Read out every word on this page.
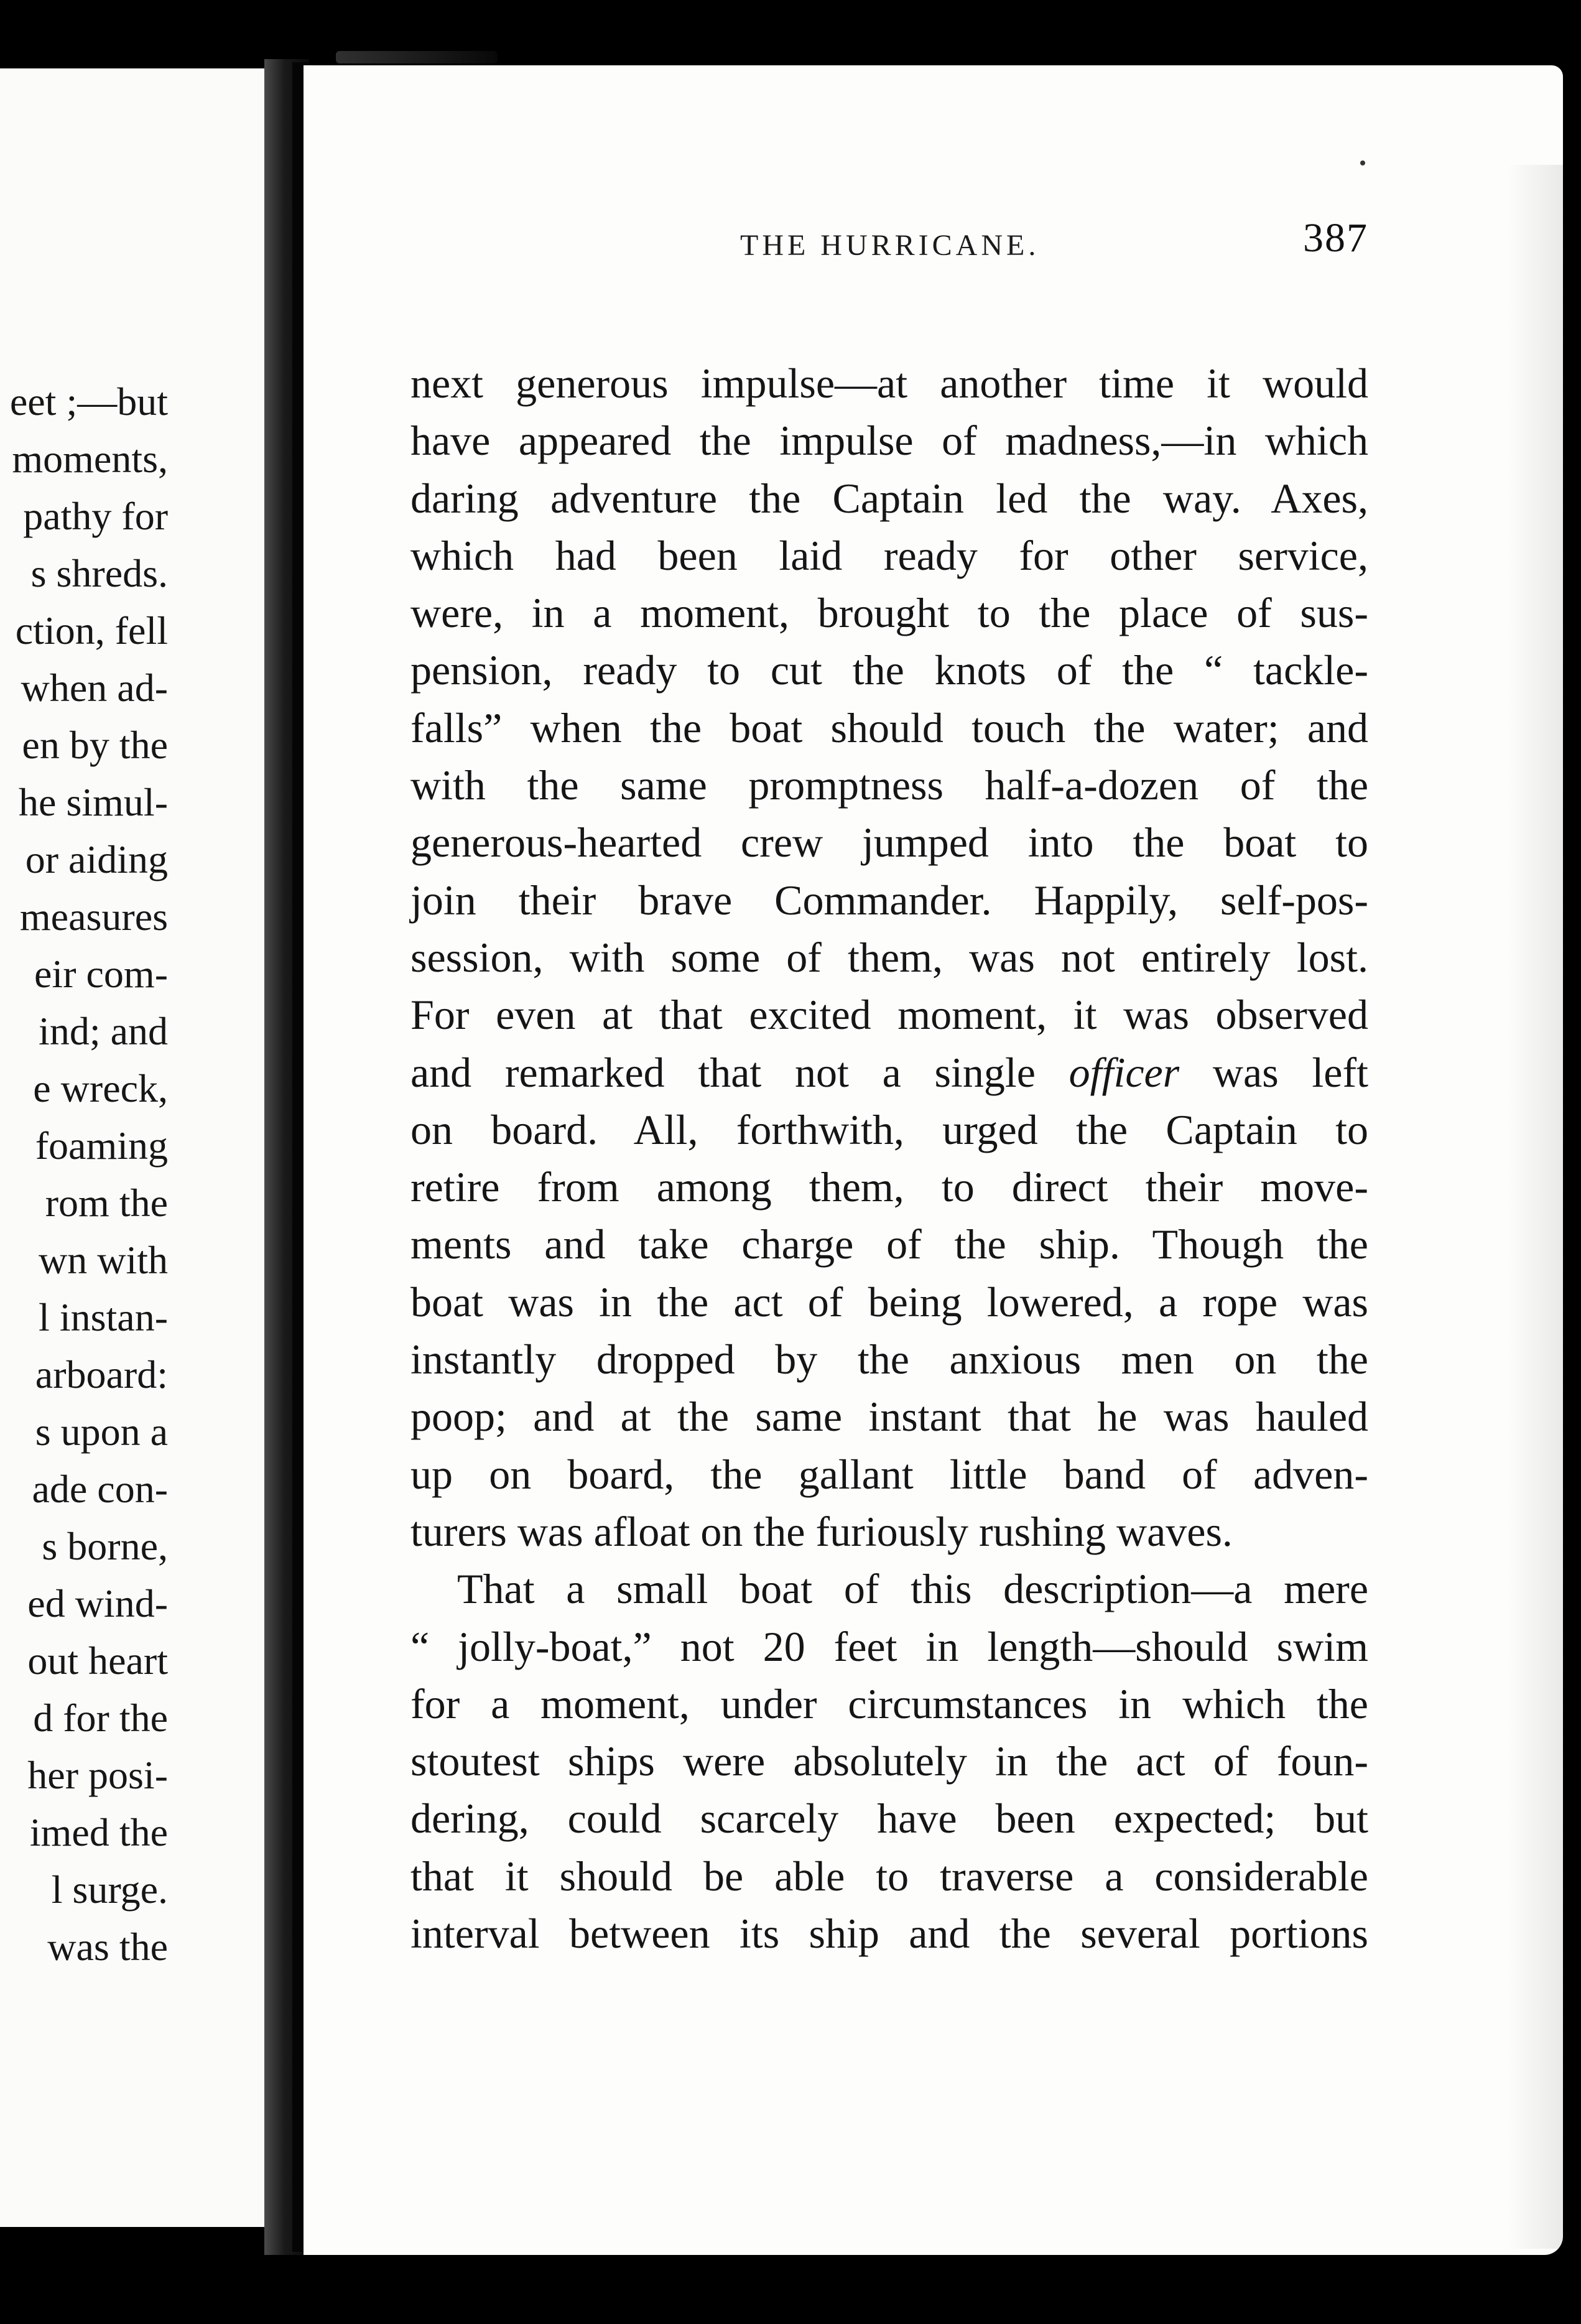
eet ;—but
moments,
pathy for
s shreds.
ction, fell
when ad-
en by the
he simul-
or aiding
measures
eir com-
ind; and
e wreck,
foaming
rom the
wn with
l instan-
arboard:
s upon a
ade con-
s borne,
ed wind-
out heart
d for the
her posi-
imed the
l surge.
was the
THE HURRICANE.	387
next generous impulse—at another time it would
have appeared the impulse of madness,—in which
daring adventure the Captain led the way. Axes,
which had been laid ready for other service,
were, in a moment, brought to the place of sus-
pension, ready to cut the knots of the “ tackle-
falls” when the boat should touch the water; and
with the same promptness half-a-dozen of the
generous-hearted crew jumped into the boat to
join their brave Commander. Happily, self-pos-
session, with some of them, was not entirely lost.
For even at that excited moment, it was observed
and remarked that not a single officer was left
on board. All, forthwith, urged the Captain to
retire from among them, to direct their move-
ments and take charge of the ship. Though the
boat was in the act of being lowered, a rope was
instantly dropped by the anxious men on the
poop; and at the same instant that he was hauled
up on board, the gallant little band of adven-
turers was afloat on the furiously rushing waves.
That a small boat of this description—a mere
“ jolly-boat,” not 20 feet in length—should swim
for a moment, under circumstances in which the
stoutest ships were absolutely in the act of foun-
dering, could scarcely have been expected; but
that it should be able to traverse a considerable
interval between its ship and the several portions
